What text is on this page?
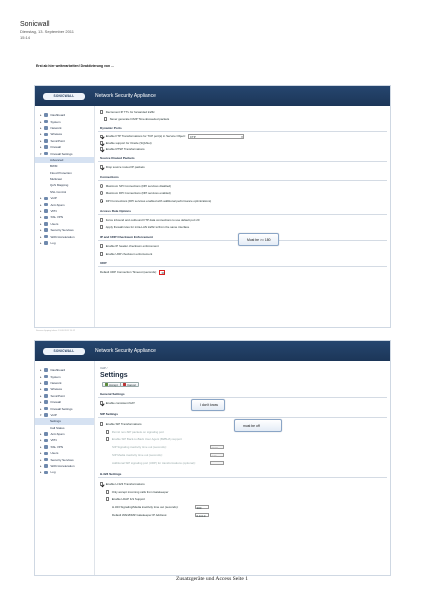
Sonicwall
Dienstag, 13. September 2011
15:14
Erst ab hier weiterarbeiten! Deaktivierung von ...
SONICWALL	Network Security Appliance
▸	Dashboard
▸	System
▸	Network
▸	Wireless
▸	SonicPoint
▸	Firewall
▾	Firewall Settings
Advanced
BWM
Flood Protection
Multicast
QoS Mapping
SSL Control
▸	VoIP
▸	Anti-Spam
▸	VPN
▸	SSL VPN
▸	Users
▸	Security Services
▸	WAN Acceleration
▸	Log
Decrement IP TTL for forwarded traffic
Never generate ICMP Time-Exceeded packets
Dynamic Ports
Enable FTP Transformations for TCP port(s) in Service Object:	FTP ▾
Enable support for Oracle (SQLNet)
Enable RTSP Transformations
Source Routed Packets
Drop source routed IP packets
Connections
Maximum SPI Connections (DPI services disabled)
Maximum DPI Connections (DPI services enabled)
DPI Connections (DPI services enabled with additional performance optimizations)
Access Rule Options
Force inbound and outbound FTP data connections to use default port 20
Apply firewall rules for intra-LAN traffic to/from the same interface
IP and UDP Checksum Enforcement
Enable IP header checksum enforcement
Enable UDP checksum enforcement
UDP
Default UDP Connection Timeout (seconds):	30
Must be >= 180
Screen clipping taken: 13.09.2011 15:12
SONICWALL	Network Security Appliance
▸	Dashboard
▸	System
▸	Network
▸	Wireless
▸	SonicPoint
▸	Firewall
▸	Firewall Settings
▾	VoIP
Settings
Call Status
▸	Anti-Spam
▸	VPN
▸	SSL VPN
▸	Users
▸	Security Services
▸	WAN Acceleration
▸	Log
VoIP /
Settings
Accept	Cancel
General Settings
Enable consistent NAT
SIP Settings
Enable SIP Transformations
Permit non-SIP packets on signaling port
Enable SIP Back-to-Back User Agent (B2BUA) support
SIP Signaling inactivity time out (seconds):	3600
SIP Media inactivity time out (seconds):	120
Additional SIP signaling port (UDP) for transformations (optional):
H.323 Settings
Enable H.323 Transformations
Only accept incoming calls from Gatekeeper
Enable LDAP ILS Support
H.323 Signaling/Media inactivity time out (seconds):	300
Default WAN/DMZ Gatekeeper IP Address:	0.0.0.0
I don't know
must be off
Zusatzgeräte und Access Seite 1
